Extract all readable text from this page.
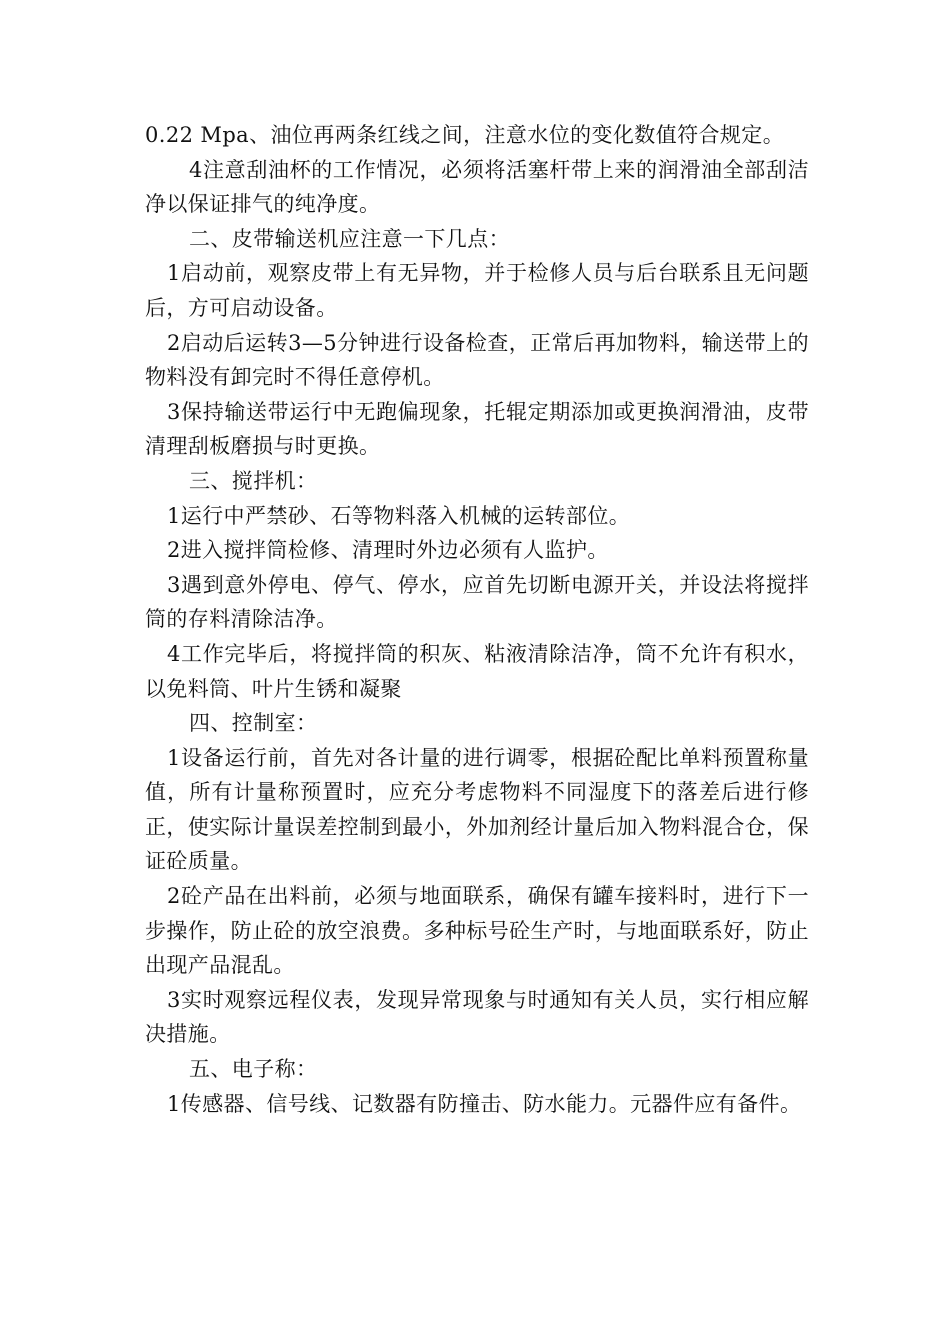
0.22 Mpa、油位再两条红线之间，注意水位的变化数值符合规定。

4注意刮油杯的工作情况，必须将活塞杆带上来的润滑油全部刮洁净以保证排气的纯净度。

二、皮带输送机应注意一下几点：

1启动前，观察皮带上有无异物，并于检修人员与后台联系且无问题后，方可启动设备。

2启动后运转3—5分钟进行设备检查，正常后再加物料，输送带上的物料没有卸完时不得任意停机。

3保持输送带运行中无跑偏现象，托辊定期添加或更换润滑油，皮带清理刮板磨损与时更换。

三、搅拌机：

1运行中严禁砂、石等物料落入机械的运转部位。

2进入搅拌筒检修、清理时外边必须有人监护。

3遇到意外停电、停气、停水，应首先切断电源开关，并设法将搅拌筒的存料清除洁净。

4工作完毕后，将搅拌筒的积灰、粘液清除洁净，筒不允许有积水，以免料筒、叶片生锈和凝聚

四、控制室：

1设备运行前，首先对各计量的进行调零，根据砼配比单料预置称量值，所有计量称预置时，应充分考虑物料不同湿度下的落差后进行修正，使实际计量误差控制到最小，外加剂经计量后加入物料混合仓，保证砼质量。

2砼产品在出料前，必须与地面联系，确保有罐车接料时，进行下一步操作，防止砼的放空浪费。多种标号砼生产时，与地面联系好，防止出现产品混乱。

3实时观察远程仪表，发现异常现象与时通知有关人员，实行相应解决措施。

五、电子称：

1传感器、信号线、记数器有防撞击、防水能力。元器件应有备件。
